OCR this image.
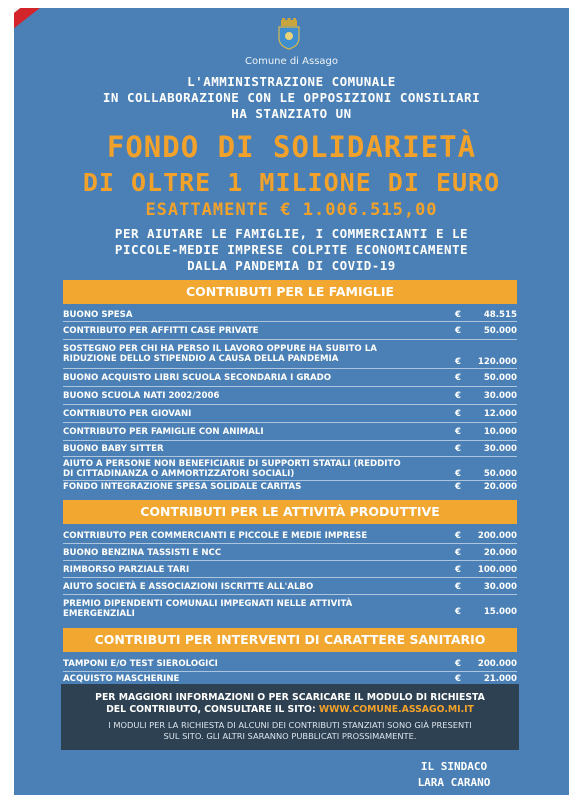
Comune di Assago
L'AMMINISTRAZIONE COMUNALE
IN COLLABORAZIONE CON LE OPPOSIZIONI CONSILIARI
HA STANZIATO UN
FONDO DI SOLIDARIETÀ
DI OLTRE 1 MILIONE DI EURO
ESATTAMENTE € 1.006.515,00
PER AIUTARE LE FAMIGLIE, I COMMERCIANTI E LE
PICCOLE-MEDIE IMPRESE COLPITE ECONOMICAMENTE
DALLA PANDEMIA DI COVID-19
CONTRIBUTI PER LE FAMIGLIE
BUONO SPESA	€	48.515
CONTRIBUTO PER AFFITTI CASE PRIVATE	€	50.000
SOSTEGNO PER CHI HA PERSO IL LAVORO OPPURE HA SUBITO LA RIDUZIONE DELLO STIPENDIO A CAUSA DELLA PANDEMIA	€ 120.000
BUONO ACQUISTO LIBRI SCUOLA SECONDARIA I GRADO	€	50.000
BUONO SCUOLA NATI 2002/2006	€	30.000
CONTRIBUTO PER GIOVANI	€	12.000
CONTRIBUTO PER FAMIGLIE CON ANIMALI	€	10.000
BUONO BABY SITTER	€	30.000
AIUTO A PERSONE NON BENEFICIARIE DI SUPPORTI STATALI (REDDITO DI CITTADINANZA O AMMORTIZZATORI SOCIALI)	€	50.000
FONDO INTEGRAZIONE SPESA SOLIDALE CARITAS	€	20.000
CONTRIBUTI PER LE ATTIVITÀ PRODUTTIVE
CONTRIBUTO PER COMMERCIANTI E PICCOLE E MEDIE IMPRESE	€ 200.000
BUONO BENZINA TASSISTI E NCC	€	20.000
RIMBORSO PARZIALE TARI	€ 100.000
AIUTO SOCIETÀ E ASSOCIAZIONI ISCRITTE ALL'ALBO	€	30.000
PREMIO DIPENDENTI COMUNALI IMPEGNATI NELLE ATTIVITÀ EMERGENZIALI	€	15.000
CONTRIBUTI PER INTERVENTI DI CARATTERE SANITARIO
TAMPONI E/O TEST SIEROLOGICI	€ 200.000
ACQUISTO MASCHERINE	€	21.000
PER MAGGIORI INFORMAZIONI O PER SCARICARE IL MODULO DI RICHIESTA
DEL CONTRIBUTO, CONSULTARE IL SITO: WWW.COMUNE.ASSAGO.MI.IT
I MODULI PER LA RICHIESTA DI ALCUNI DEI CONTRIBUTI STANZIATI SONO GIÀ PRESENTI
SUL SITO. GLI ALTRI SARANNO PUBBLICATI PROSSIMAMENTE.
IL SINDACO
LARA CARANO
